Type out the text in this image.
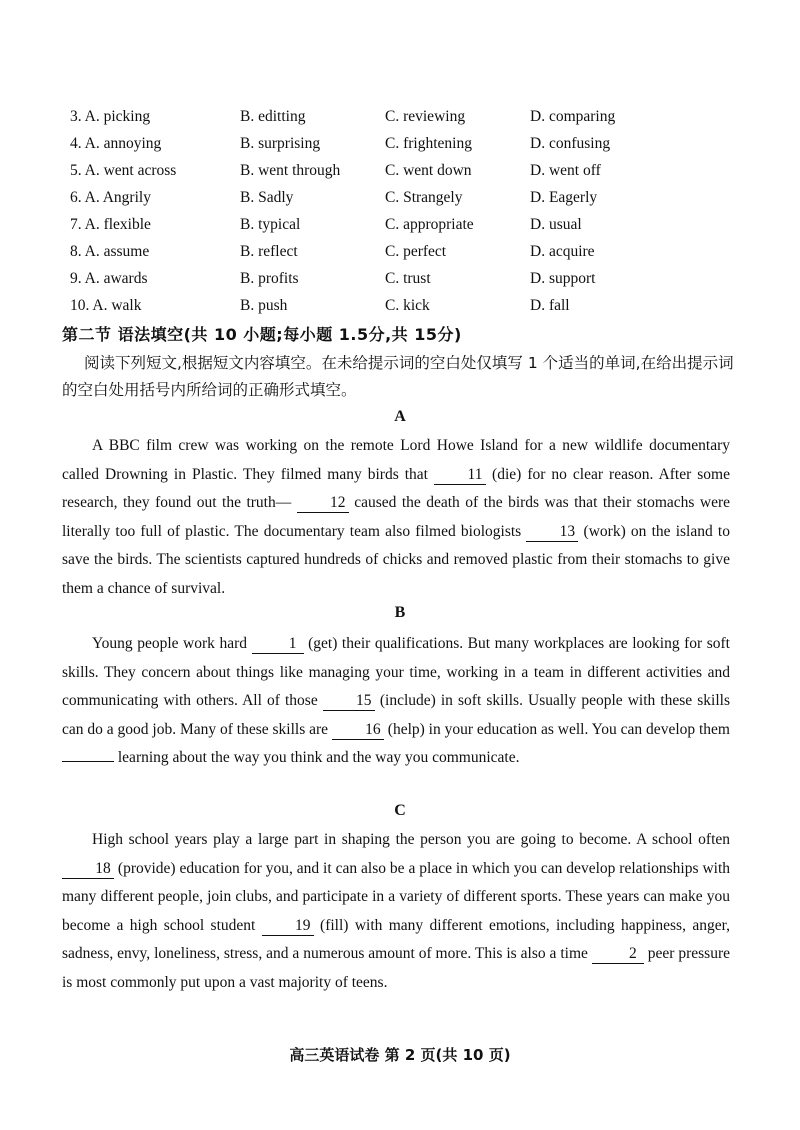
3. A. picking	B. editting	C. reviewing	D. comparing
4. A. annoying	B. surprising	C. frightening	D. confusing
5. A. went across	B. went through	C. went down	D. went off
6. A. Angrily	B. Sadly	C. Strangely	D. Eagerly
7. A. flexible	B. typical	C. appropriate	D. usual
8. A. assume	B. reflect	C. perfect	D. acquire
9. A. awards	B. profits	C. trust	D. support
10. A. walk	B. push	C. kick	D. fall
第二节 语法填空(共 10 小题;每小题 1.5分,共 15分)
阅读下列短文,根据短文内容填空。在未给提示词的空白处仅填写 1 个适当的单词,在给出提示词的空白处用括号内所给词的正确形式填空。
A
A BBC film crew was working on the remote Lord Howe Island for a new wildlife documentary called Drowning in Plastic. They filmed many birds that 11 (die) for no clear reason. After some research, they found out the truth— 12 caused the death of the birds was that their stomachs were literally too full of plastic. The documentary team also filmed biologists 13 (work) on the island to save the birds. The scientists captured hundreds of chicks and removed plastic from their stomachs to give them a chance of survival.
B
Young people work hard 1 (get) their qualifications. But many workplaces are looking for soft skills. They concern about things like managing your time, working in a team in different activities and communicating with others. All of those 15 (include) in soft skills. Usually people with these skills can do a good job. Many of these skills are 16 (help) in your education as well. You can develop them  learning about the way you think and the way you communicate.
C
High school years play a large part in shaping the person you are going to become. A school often 18 (provide) education for you, and it can also be a place in which you can develop relationships with many different people, join clubs, and participate in a variety of different sports. These years can make you become a high school student 19 (fill) with many different emotions, including happiness, anger, sadness, envy, loneliness, stress, and a numerous amount of more. This is also a time 2 peer pressure is most commonly put upon a vast majority of teens.
高三英语试卷 第 2 页(共 10 页)
